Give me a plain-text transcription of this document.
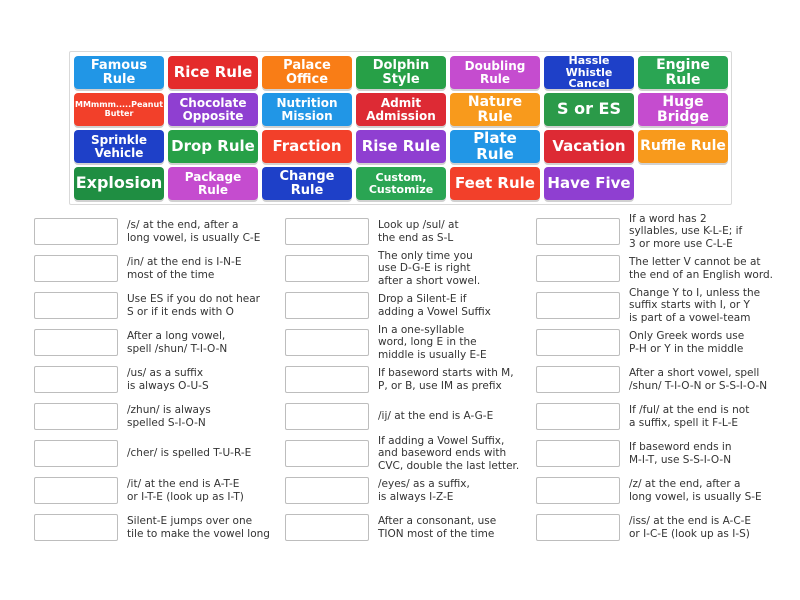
Famous Rule	Rice Rule	Palace Office
Dolphin Style
Doubling Rule
Hassle Whistle Cancel
Engine Rule
MMmmm.....Peanut Butter
Chocolate Opposite
Nutrition Mission
Admit Admission
Nature Rule	S or ES	Huge Bridge
Sprinkle Vehicle	Drop Rule	Fraction	Rise Rule	Plate Rule	Vacation	Ruffle Rule
Explosion	Package Rule
Change Rule
Custom, Customize	Feet Rule Have Five
/s/ at the end, after a
long vowel, is usually C-E
/in/ at the end is I-N-E
most of the time
Use ES if you do not hear
S or if it ends with O
After a long vowel,
spell /shun/ T-I-O-N
/us/ as a suffix
is always O-U-S
/zhun/ is always
spelled S-I-O-N
/cher/ is spelled T-U-R-E
/it/ at the end is A-T-E
or I-T-E (look up as I-T)
Silent-E jumps over one
tile to make the vowel long
Look up /sul/ at
the end as S-L
The only time you
use D-G-E is right
after a short vowel.
Drop a Silent-E if
adding a Vowel Suffix
In a one-syllable
word, long E in the
middle is usually E-E
If baseword starts with M,
P, or B, use IM as prefix
/ij/ at the end is A-G-E
If adding a Vowel Suffix,
and baseword ends with
CVC, double the last letter.
/eyes/ as a suffix,
is always I-Z-E
After a consonant, use
TION most of the time
If a word has 2
syllables, use K-L-E; if
3 or more use C-L-E
The letter V cannot be at
the end of an English word.
Change Y to I, unless the
suffix starts with I, or Y
is part of a vowel-team
Only Greek words use
P-H or Y in the middle
After a short vowel, spell
/shun/ T-I-O-N or S-S-I-O-N
If /ful/ at the end is not
a suffix, spell it F-L-E
If baseword ends in
M-I-T, use S-S-I-O-N
/z/ at the end, after a
long vowel, is usually S-E
/iss/ at the end is A-C-E
or I-C-E (look up as I-S)
